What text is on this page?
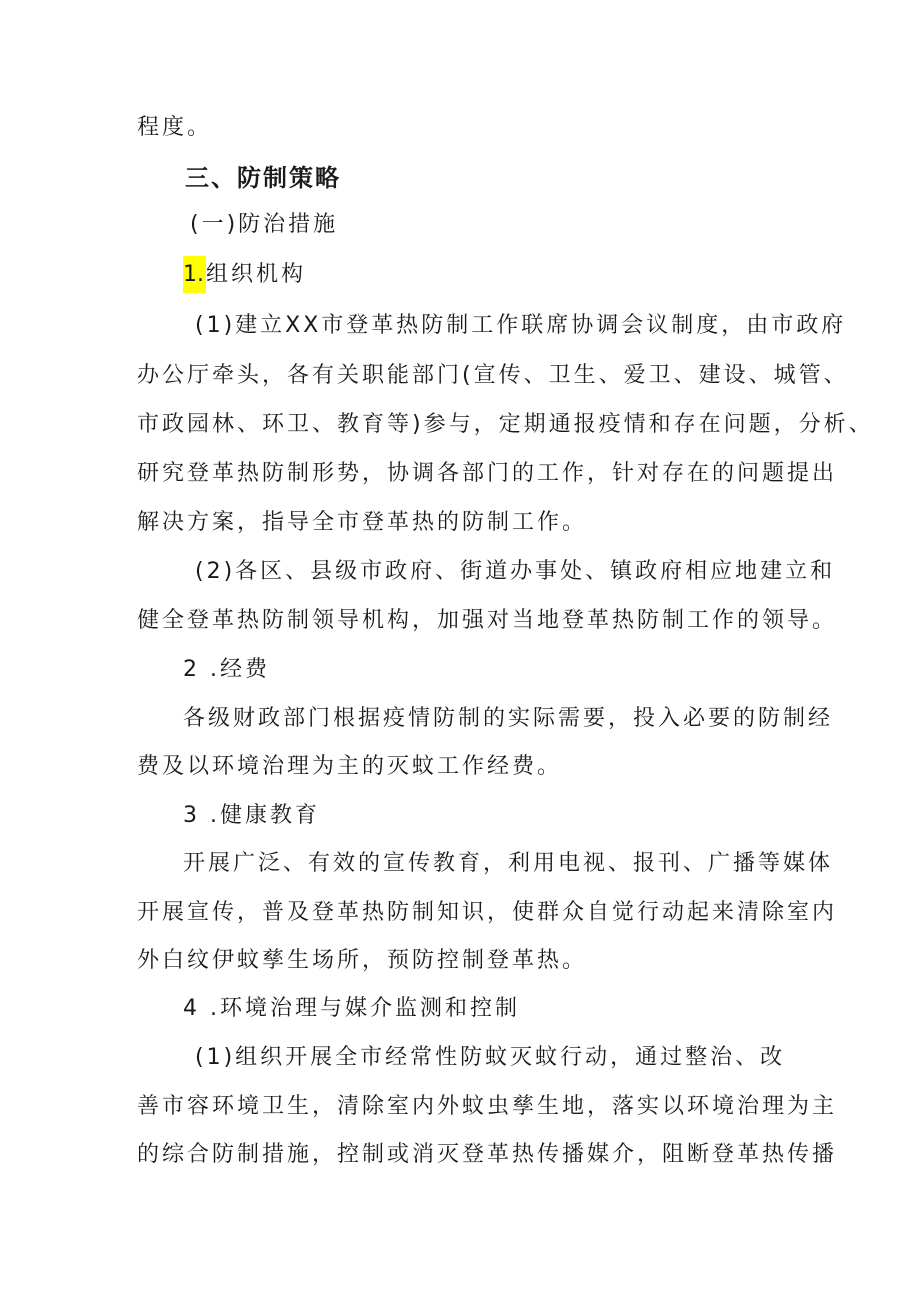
程度。
三、防制策略
(一)防治措施
1.组织机构
(1)建立XX市登革热防制工作联席协调会议制度，由市政府
办公厅牵头，各有关职能部门(宣传、卫生、爱卫、建设、城管、
市政园林、环卫、教育等)参与，定期通报疫情和存在问题，分析、
研究登革热防制形势，协调各部门的工作，针对存在的问题提出
解决方案，指导全市登革热的防制工作。
(2)各区、县级市政府、街道办事处、镇政府相应地建立和
健全登革热防制领导机构，加强对当地登革热防制工作的领导。
2 .经费
各级财政部门根据疫情防制的实际需要，投入必要的防制经
费及以环境治理为主的灭蚊工作经费。
3 .健康教育
开展广泛、有效的宣传教育，利用电视、报刊、广播等媒体
开展宣传，普及登革热防制知识，使群众自觉行动起来清除室内
外白纹伊蚊孳生场所，预防控制登革热。
4 .环境治理与媒介监测和控制
(1)组织开展全市经常性防蚊灭蚊行动，通过整治、改
善市容环境卫生，清除室内外蚊虫孳生地，落实以环境治理为主
的综合防制措施，控制或消灭登革热传播媒介，阻断登革热传播
